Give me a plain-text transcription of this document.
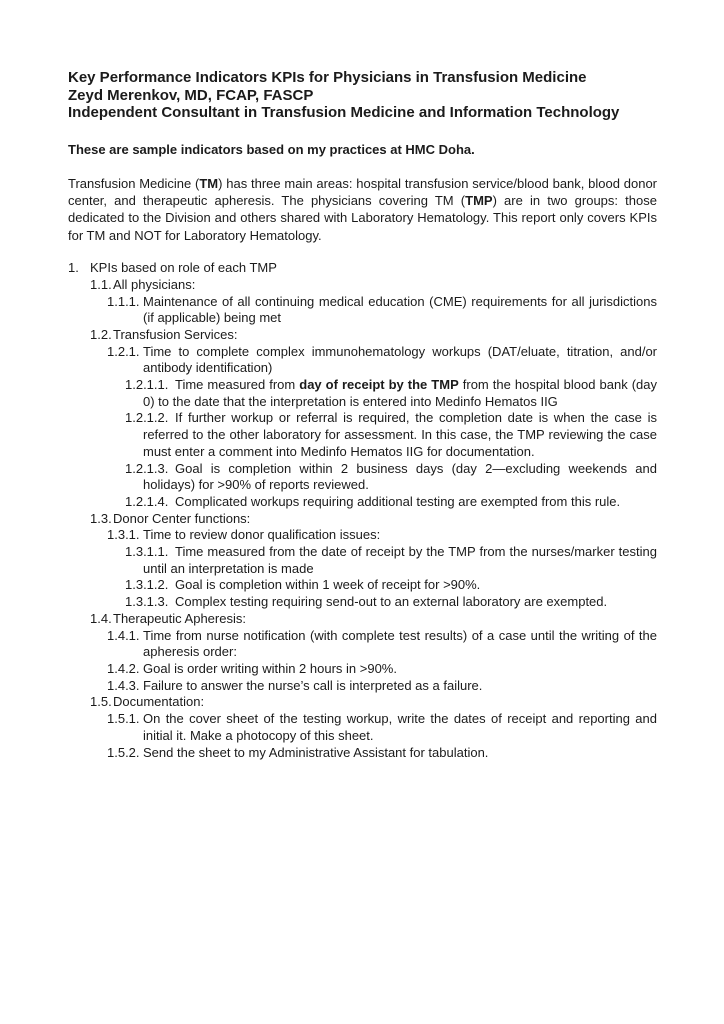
Key Performance Indicators KPIs for Physicians in Transfusion Medicine
Zeyd Merenkov, MD, FCAP, FASCP
Independent Consultant in Transfusion Medicine and Information Technology

These are sample indicators based on my practices at HMC Doha.

Transfusion Medicine (TM) has three main areas: hospital transfusion service/blood bank, blood donor center, and therapeutic apheresis. The physicians covering TM (TMP) are in two groups: those dedicated to the Division and others shared with Laboratory Hematology. This report only covers KPIs for TM and NOT for Laboratory Hematology.

1. KPIs based on role of each TMP
1.1.All physicians:
1.1.1. Maintenance of all continuing medical education (CME) requirements for all jurisdictions (if applicable) being met
1.2.Transfusion Services:
1.2.1. Time to complete complex immunohematology workups (DAT/eluate, titration, and/or antibody identification)
1.2.1.1. Time measured from day of receipt by the TMP from the hospital blood bank (day 0) to the date that the interpretation is entered into Medinfo Hematos IIG
1.2.1.2. If further workup or referral is required, the completion date is when the case is referred to the other laboratory for assessment. In this case, the TMP reviewing the case must enter a comment into Medinfo Hematos IIG for documentation.
1.2.1.3. Goal is completion within 2 business days (day 2—excluding weekends and holidays) for >90% of reports reviewed.
1.2.1.4. Complicated workups requiring additional testing are exempted from this rule.
1.3.Donor Center functions:
1.3.1. Time to review donor qualification issues:
1.3.1.1. Time measured from the date of receipt by the TMP from the nurses/marker testing until an interpretation is made
1.3.1.2. Goal is completion within 1 week of receipt for >90%.
1.3.1.3. Complex testing requiring send-out to an external laboratory are exempted.
1.4.Therapeutic Apheresis:
1.4.1. Time from nurse notification (with complete test results) of a case until the writing of the apheresis order:
1.4.2. Goal is order writing within 2 hours in >90%.
1.4.3. Failure to answer the nurse’s call is interpreted as a failure.
1.5.Documentation:
1.5.1. On the cover sheet of the testing workup, write the dates of receipt and reporting and initial it. Make a photocopy of this sheet.
1.5.2. Send the sheet to my Administrative Assistant for tabulation.
